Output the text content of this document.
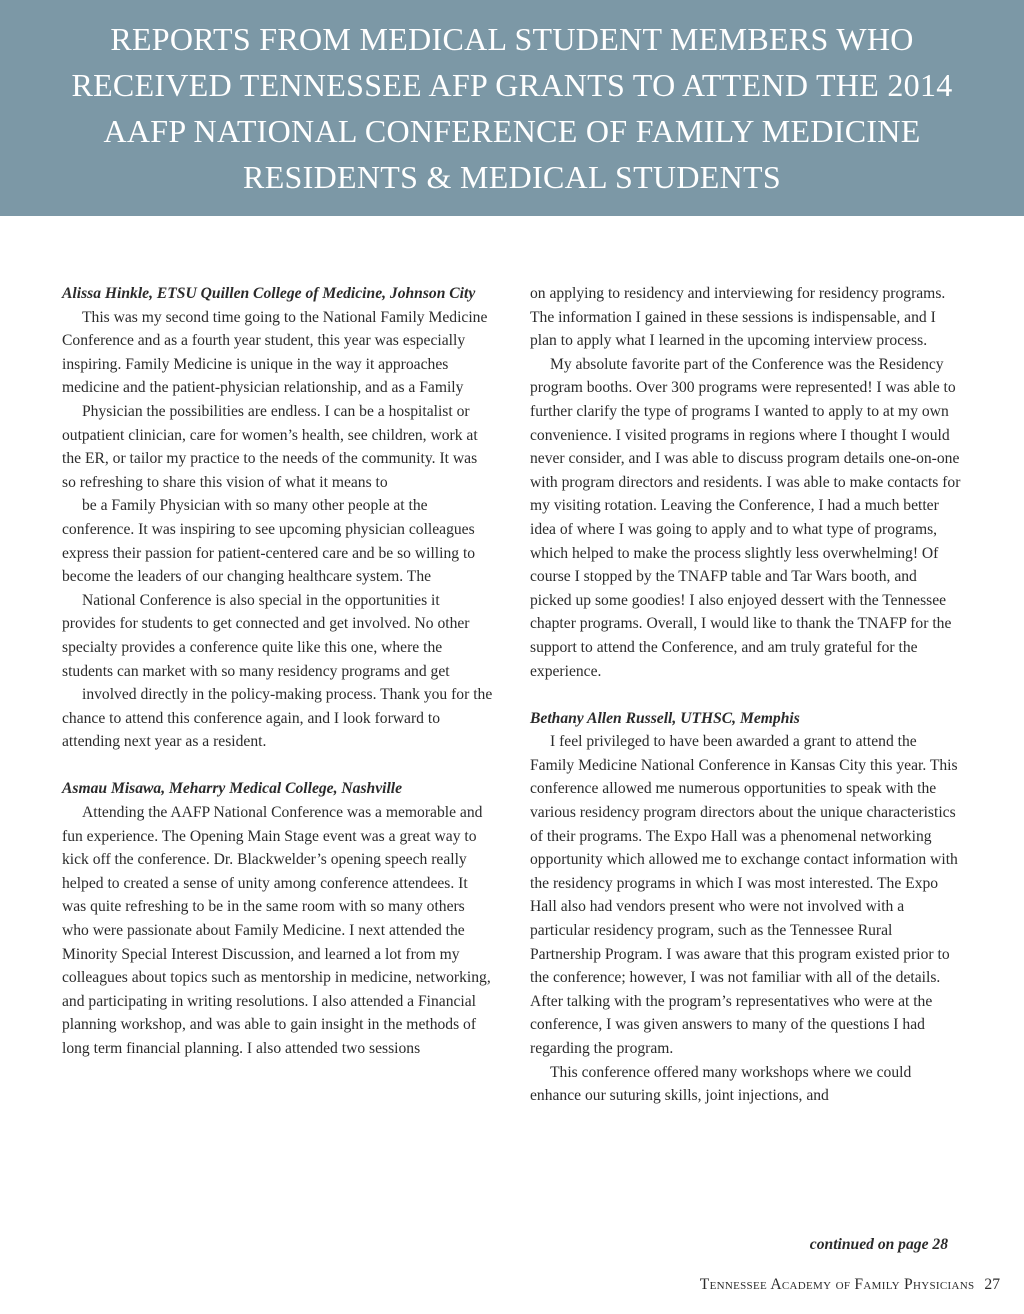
REPORTS FROM MEDICAL STUDENT MEMBERS WHO RECEIVED TENNESSEE AFP GRANTS TO ATTEND THE 2014 AAFP NATIONAL CONFERENCE OF FAMILY MEDICINE RESIDENTS & MEDICAL STUDENTS

Alissa Hinkle, ETSU Quillen College of Medicine, Johnson City

This was my second time going to the National Family Medicine Conference and as a fourth year student, this year was especially inspiring. Family Medicine is unique in the way it approaches medicine and the patient-physician relationship, and as a Family

Physician the possibilities are endless. I can be a hospitalist or outpatient clinician, care for women’s health, see children, work at the ER, or tailor my practice to the needs of the community. It was so refreshing to share this vision of what it means to

be a Family Physician with so many other people at the conference. It was inspiring to see upcoming physician colleagues express their passion for patient-centered care and be so willing to become the leaders of our changing healthcare system. The

National Conference is also special in the opportunities it provides for students to get connected and get involved. No other specialty provides a conference quite like this one, where the students can market with so many residency programs and get

involved directly in the policy-making process. Thank you for the chance to attend this conference again, and I look forward to attending next year as a resident.

Asmau Misawa, Meharry Medical College, Nashville

Attending the AAFP National Conference was a memorable and fun experience. The Opening Main Stage event was a great way to kick off the conference. Dr. Blackwelder’s opening speech really helped to created a sense of unity among conference attendees. It was quite refreshing to be in the same room with so many others who were passionate about Family Medicine. I next attended the Minority Special Interest Discussion, and learned a lot from my colleagues about topics such as mentorship in medicine, networking, and participating in writing resolutions. I also attended a Financial planning workshop, and was able to gain insight in the methods of long term financial planning. I also attended two sessions

on applying to residency and interviewing for residency programs. The information I gained in these sessions is indispensable, and I plan to apply what I learned in the upcoming interview process.

My absolute favorite part of the Conference was the Residency program booths. Over 300 programs were represented! I was able to further clarify the type of programs I wanted to apply to at my own convenience. I visited programs in regions where I thought I would never consider, and I was able to discuss program details one-on-one with program directors and residents. I was able to make contacts for my visiting rotation. Leaving the Conference, I had a much better idea of where I was going to apply and to what type of programs, which helped to make the process slightly less overwhelming! Of course I stopped by the TNAFP table and Tar Wars booth, and picked up some goodies! I also enjoyed dessert with the Tennessee chapter programs. Overall, I would like to thank the TNAFP for the support to attend the Conference, and am truly grateful for the experience.

Bethany Allen Russell, UTHSC, Memphis

I feel privileged to have been awarded a grant to attend the Family Medicine National Conference in Kansas City this year. This conference allowed me numerous opportunities to speak with the various residency program directors about the unique characteristics of their programs. The Expo Hall was a phenomenal networking opportunity which allowed me to exchange contact information with the residency programs in which I was most interested. The Expo Hall also had vendors present who were not involved with a particular residency program, such as the Tennessee Rural Partnership Program. I was aware that this program existed prior to the conference; however, I was not familiar with all of the details. After talking with the program’s representatives who were at the conference, I was given answers to many of the questions I had regarding the program.

This conference offered many workshops where we could enhance our suturing skills, joint injections, and

continued on page 28
Tennessee Academy of Family Physicians 27
